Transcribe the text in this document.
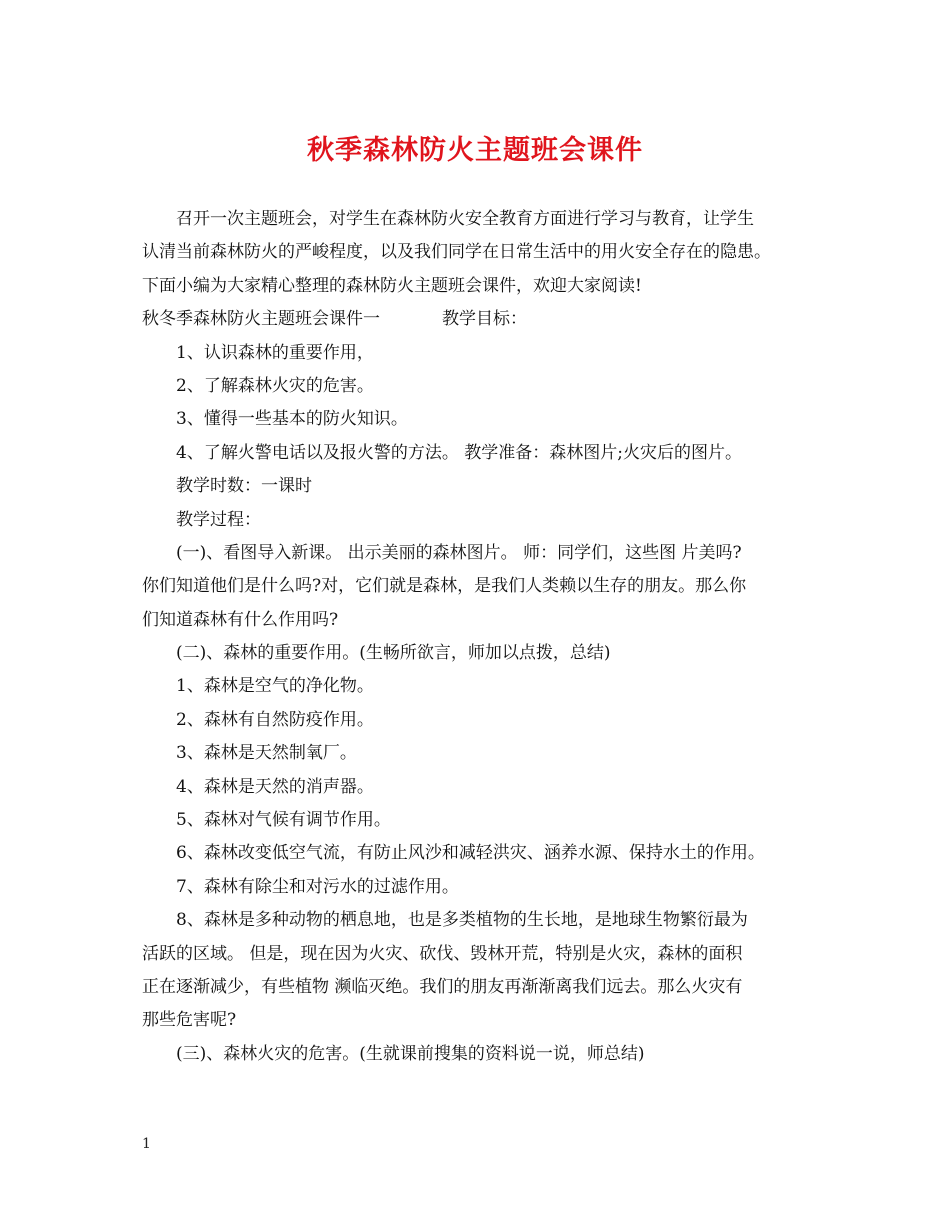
秋季森林防火主题班会课件
召开一次主题班会，对学生在森林防火安全教育方面进行学习与教育，让学生
认清当前森林防火的严峻程度，以及我们同学在日常生活中的用火安全存在的隐患。
下面小编为大家精心整理的森林防火主题班会课件，欢迎大家阅读!
秋冬季森林防火主题班会课件一	教学目标：
1、认识森林的重要作用，
2、了解森林火灾的危害。
3、懂得一些基本的防火知识。
4、了解火警电话以及报火警的方法。 教学准备：森林图片;火灾后的图片。
教学时数：一课时
教学过程：
(一)、看图导入新课。 出示美丽的森林图片。 师：同学们，这些图 片美吗?
你们知道他们是什么吗?对，它们就是森林，是我们人类赖以生存的朋友。那么你
们知道森林有什么作用吗?
(二)、森林的重要作用。(生畅所欲言，师加以点拨，总结)
1、森林是空气的净化物。
2、森林有自然防疫作用。
3、森林是天然制氧厂。
4、森林是天然的消声器。
5、森林对气候有调节作用。
6、森林改变低空气流，有防止风沙和减轻洪灾、涵养水源、保持水土的作用。
7、森林有除尘和对污水的过滤作用。
8、森林是多种动物的栖息地，也是多类植物的生长地，是地球生物繁衍最为
活跃的区域。 但是，现在因为火灾、砍伐、毁林开荒，特别是火灾，森林的面积
正在逐渐减少，有些植物 濒临灭绝。我们的朋友再渐渐离我们远去。那么火灾有
那些危害呢?
(三)、森林火灾的危害。(生就课前搜集的资料说一说，师总结)
1
